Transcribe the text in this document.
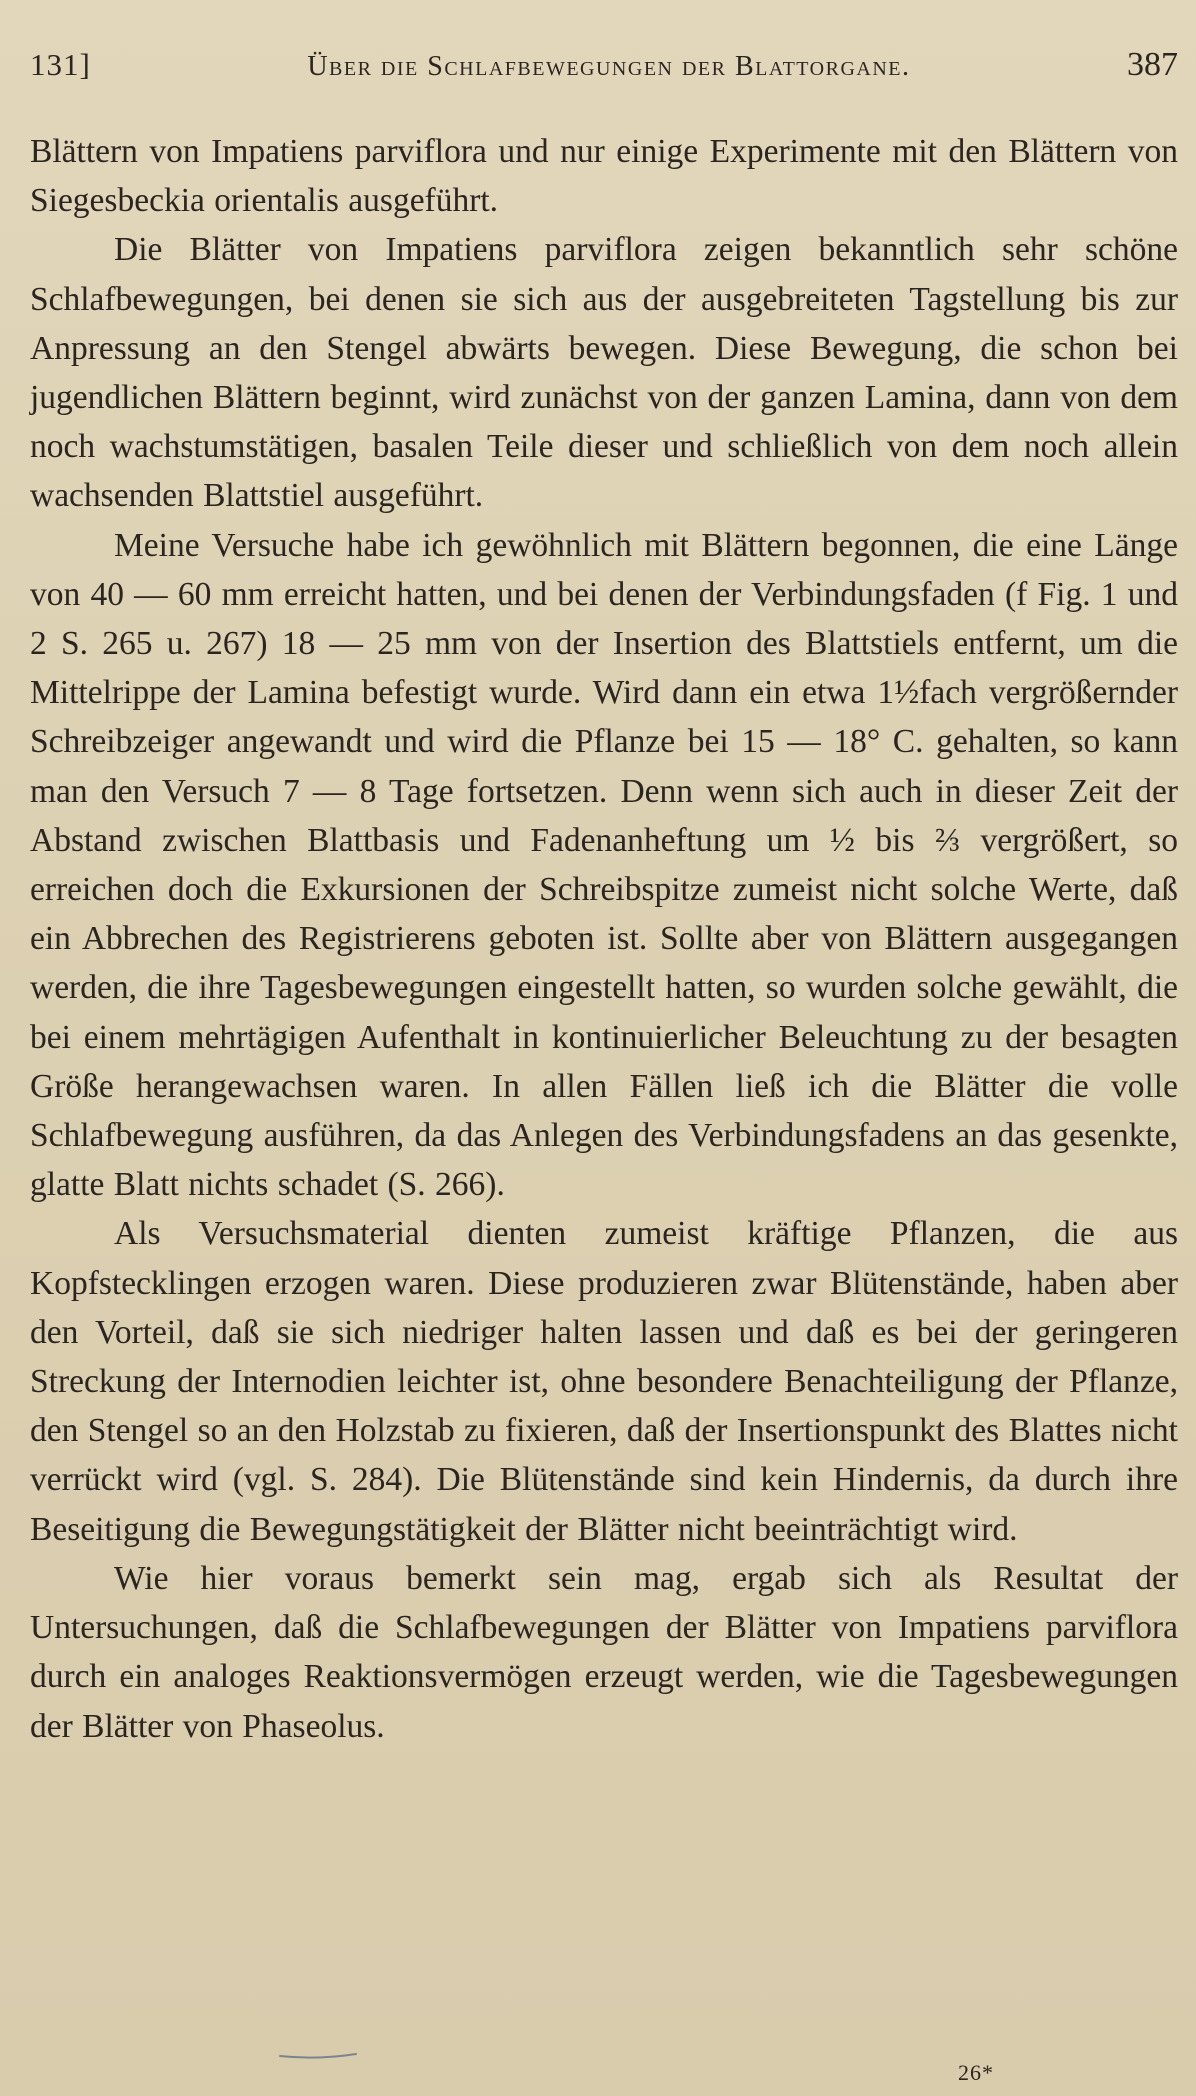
131]	Über die Schlafbewegungen der Blattorgane.	387

Blättern von Impatiens parviflora und nur einige Experimente mit den Blättern von Siegesbeckia orientalis ausgeführt.

Die Blätter von Impatiens parviflora zeigen bekanntlich sehr schöne Schlafbewegungen, bei denen sie sich aus der ausgebreiteten Tagstellung bis zur Anpressung an den Stengel abwärts bewegen. Diese Bewegung, die schon bei jugendlichen Blättern beginnt, wird zunächst von der ganzen Lamina, dann von dem noch wachstumstätigen, basalen Teile dieser und schließlich von dem noch allein wachsenden Blattstiel ausgeführt.

Meine Versuche habe ich gewöhnlich mit Blättern begonnen, die eine Länge von 40 — 60 mm erreicht hatten, und bei denen der Verbindungsfaden (f Fig. 1 und 2 S. 265 u. 267) 18 — 25 mm von der Insertion des Blattstiels entfernt, um die Mittelrippe der Lamina befestigt wurde. Wird dann ein etwa 1½fach vergrößernder Schreibzeiger angewandt und wird die Pflanze bei 15 — 18° C. gehalten, so kann man den Versuch 7 — 8 Tage fortsetzen. Denn wenn sich auch in dieser Zeit der Abstand zwischen Blattbasis und Fadenanheftung um ½ bis ⅔ vergrößert, so erreichen doch die Exkursionen der Schreibspitze zumeist nicht solche Werte, daß ein Abbrechen des Registrierens geboten ist. Sollte aber von Blättern ausgegangen werden, die ihre Tagesbewegungen eingestellt hatten, so wurden solche gewählt, die bei einem mehrtägigen Aufenthalt in kontinuierlicher Beleuchtung zu der besagten Größe herangewachsen waren. In allen Fällen ließ ich die Blätter die volle Schlafbewegung ausführen, da das Anlegen des Verbindungsfadens an das gesenkte, glatte Blatt nichts schadet (S. 266).

Als Versuchsmaterial dienten zumeist kräftige Pflanzen, die aus Kopfstecklingen erzogen waren. Diese produzieren zwar Blütenstände, haben aber den Vorteil, daß sie sich niedriger halten lassen und daß es bei der geringeren Streckung der Internodien leichter ist, ohne besondere Benachteiligung der Pflanze, den Stengel so an den Holzstab zu fixieren, daß der Insertionspunkt des Blattes nicht verrückt wird (vgl. S. 284). Die Blütenstände sind kein Hindernis, da durch ihre Beseitigung die Bewegungstätigkeit der Blätter nicht beeinträchtigt wird.

Wie hier voraus bemerkt sein mag, ergab sich als Resultat der Untersuchungen, daß die Schlafbewegungen der Blätter von Impatiens parviflora durch ein analoges Reaktionsvermögen erzeugt werden, wie die Tagesbewegungen der Blätter von Phaseolus.

26*
